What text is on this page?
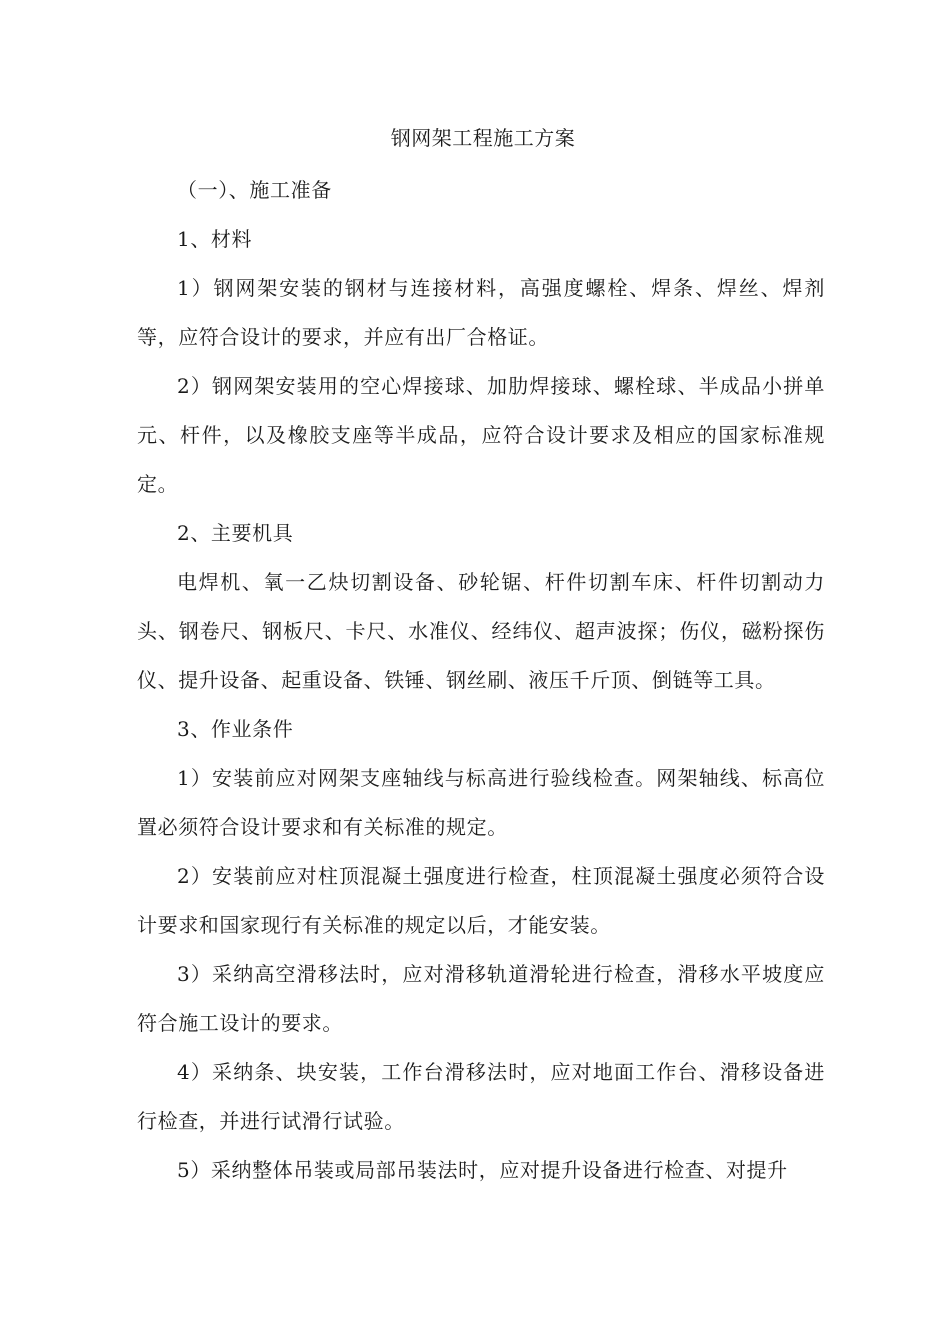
钢网架工程施工方案

（一）、施工准备

1、材料

1）钢网架安装的钢材与连接材料，高强度螺栓、焊条、焊丝、焊剂等，应符合设计的要求，并应有出厂合格证。

2）钢网架安装用的空心焊接球、加肋焊接球、螺栓球、半成品小拼单元、杆件，以及橡胶支座等半成品，应符合设计要求及相应的国家标准规定。

2、主要机具

电焊机、氧一乙炔切割设备、砂轮锯、杆件切割车床、杆件切割动力头、钢卷尺、钢板尺、卡尺、水准仪、经纬仪、超声波探；伤仪，磁粉探伤仪、提升设备、起重设备、铁锤、钢丝刷、液压千斤顶、倒链等工具。

3、作业条件

1）安装前应对网架支座轴线与标高进行验线检查。网架轴线、标高位置必须符合设计要求和有关标准的规定。

2）安装前应对柱顶混凝土强度进行检查，柱顶混凝土强度必须符合设计要求和国家现行有关标准的规定以后，才能安装。

3）采纳高空滑移法时，应对滑移轨道滑轮进行检查，滑移水平坡度应符合施工设计的要求。

4）采纳条、块安装，工作台滑移法时，应对地面工作台、滑移设备进行检查，并进行试滑行试验。

5）采纳整体吊装或局部吊装法时，应对提升设备进行检查、对提升
